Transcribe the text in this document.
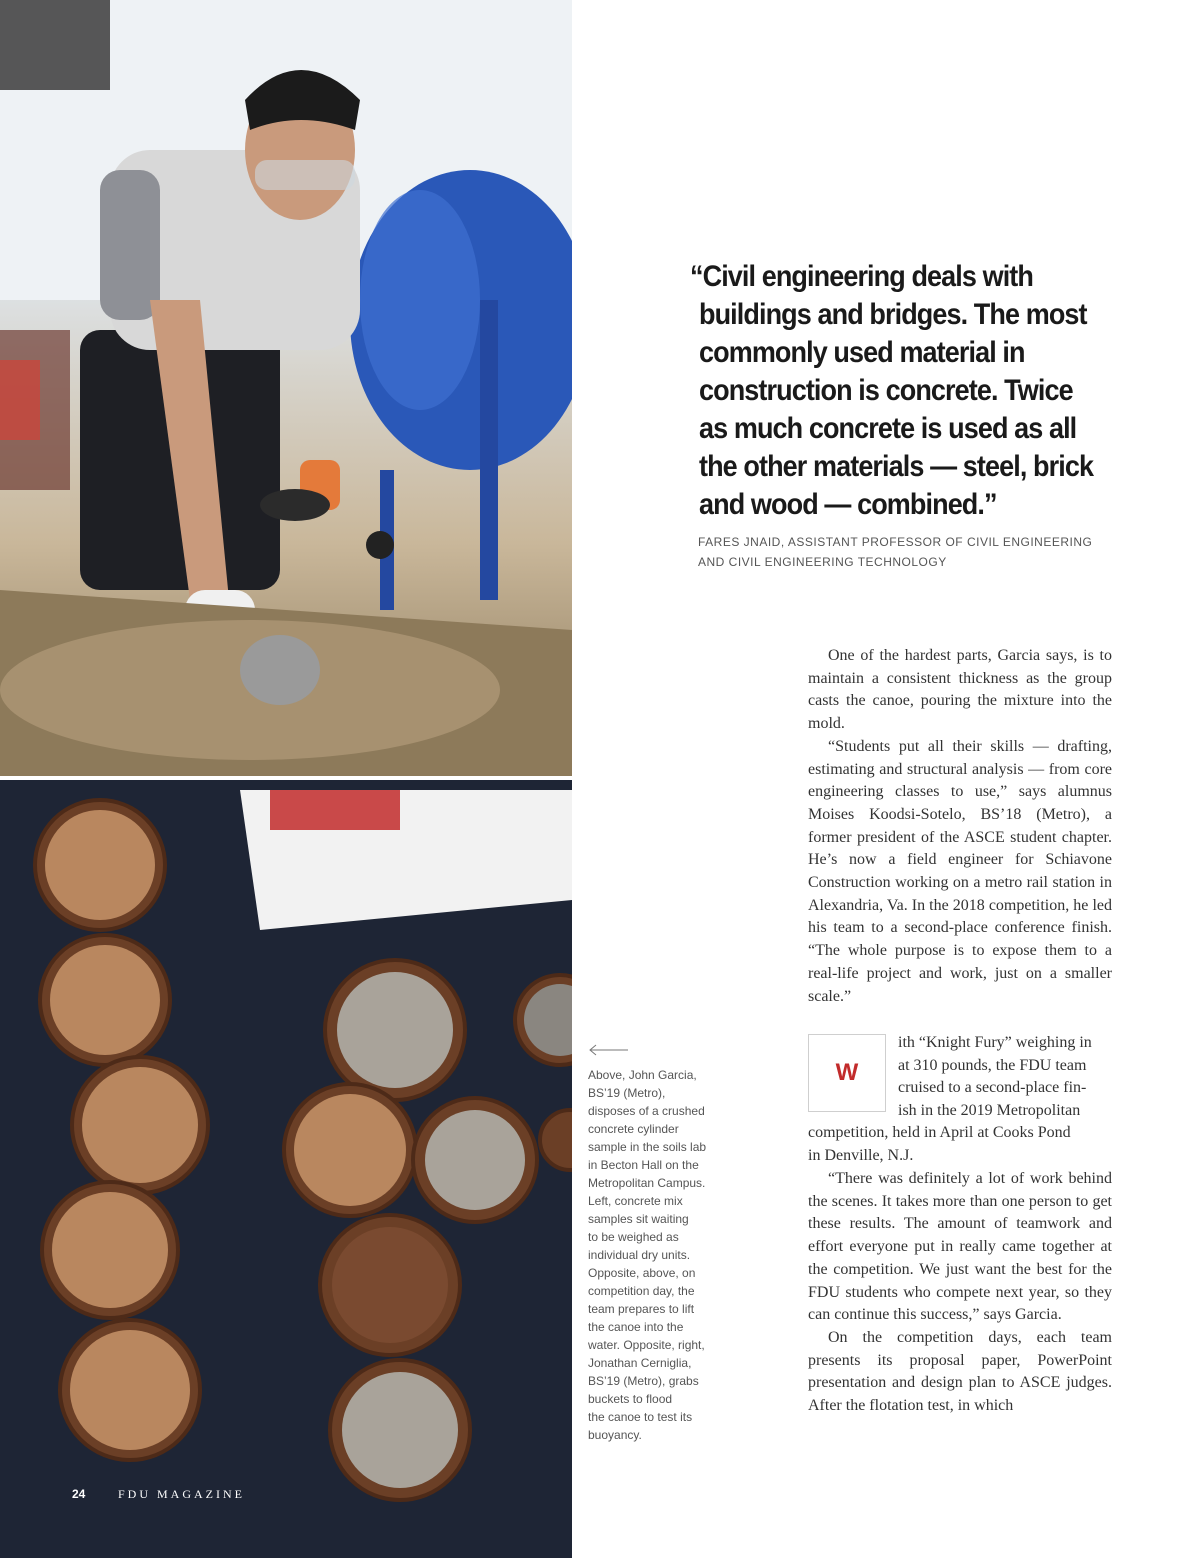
“Civil engineering deals with
buildings and bridges. The most
commonly used material in
construction is concrete. Twice
as much concrete is used as all
the other materials — steel, brick
and wood — combined.”
FARES JNAID, ASSISTANT PROFESSOR OF CIVIL ENGINEERING
AND CIVIL ENGINEERING TECHNOLOGY

One of the hardest parts, Garcia says, is to maintain a consistent thickness as the group casts the canoe, pouring the mixture into the mold.

“Students put all their skills — drafting, estimating and structural analysis — from core engineering classes to use,” says alumnus Moises Koodsi-Sotelo, BS’18 (Metro), a former president of the ASCE student chapter. He’s now a field engineer for Schiavone Construction working on a metro rail station in Alexandria, Va. In the 2018 competition, he led his team to a second-place conference finish. “The whole purpose is to expose them to a real-life project and work, just on a smaller scale.”

W
ith “Knight Fury” weighing in
at 310 pounds, the FDU team
cruised to a second-place fin-
ish in the 2019 Metropolitan
competition, held in April at Cooks Pond
in Denville, N.J.

“There was definitely a lot of work behind the scenes. It takes more than one person to get these results. The amount of teamwork and effort everyone put in really came together at the competition. We just want the best for the FDU students who compete next year, so they can continue this success,” says Garcia.

On the competition days, each team presents its proposal paper, PowerPoint presentation and design plan to ASCE judges. After the flotation test, in which

Above, John Garcia,
BS’19 (Metro),
disposes of a crushed
concrete cylinder
sample in the soils lab
in Becton Hall on the
Metropolitan Campus.
Left, concrete mix
samples sit waiting
to be weighed as
individual dry units.
Opposite, above, on
competition day, the
team prepares to lift
the canoe into the
water. Opposite, right,
Jonathan Cerniglia,
BS’19 (Metro), grabs
buckets to flood
the canoe to test its
buoyancy.
24	FDU MAGAZINE
